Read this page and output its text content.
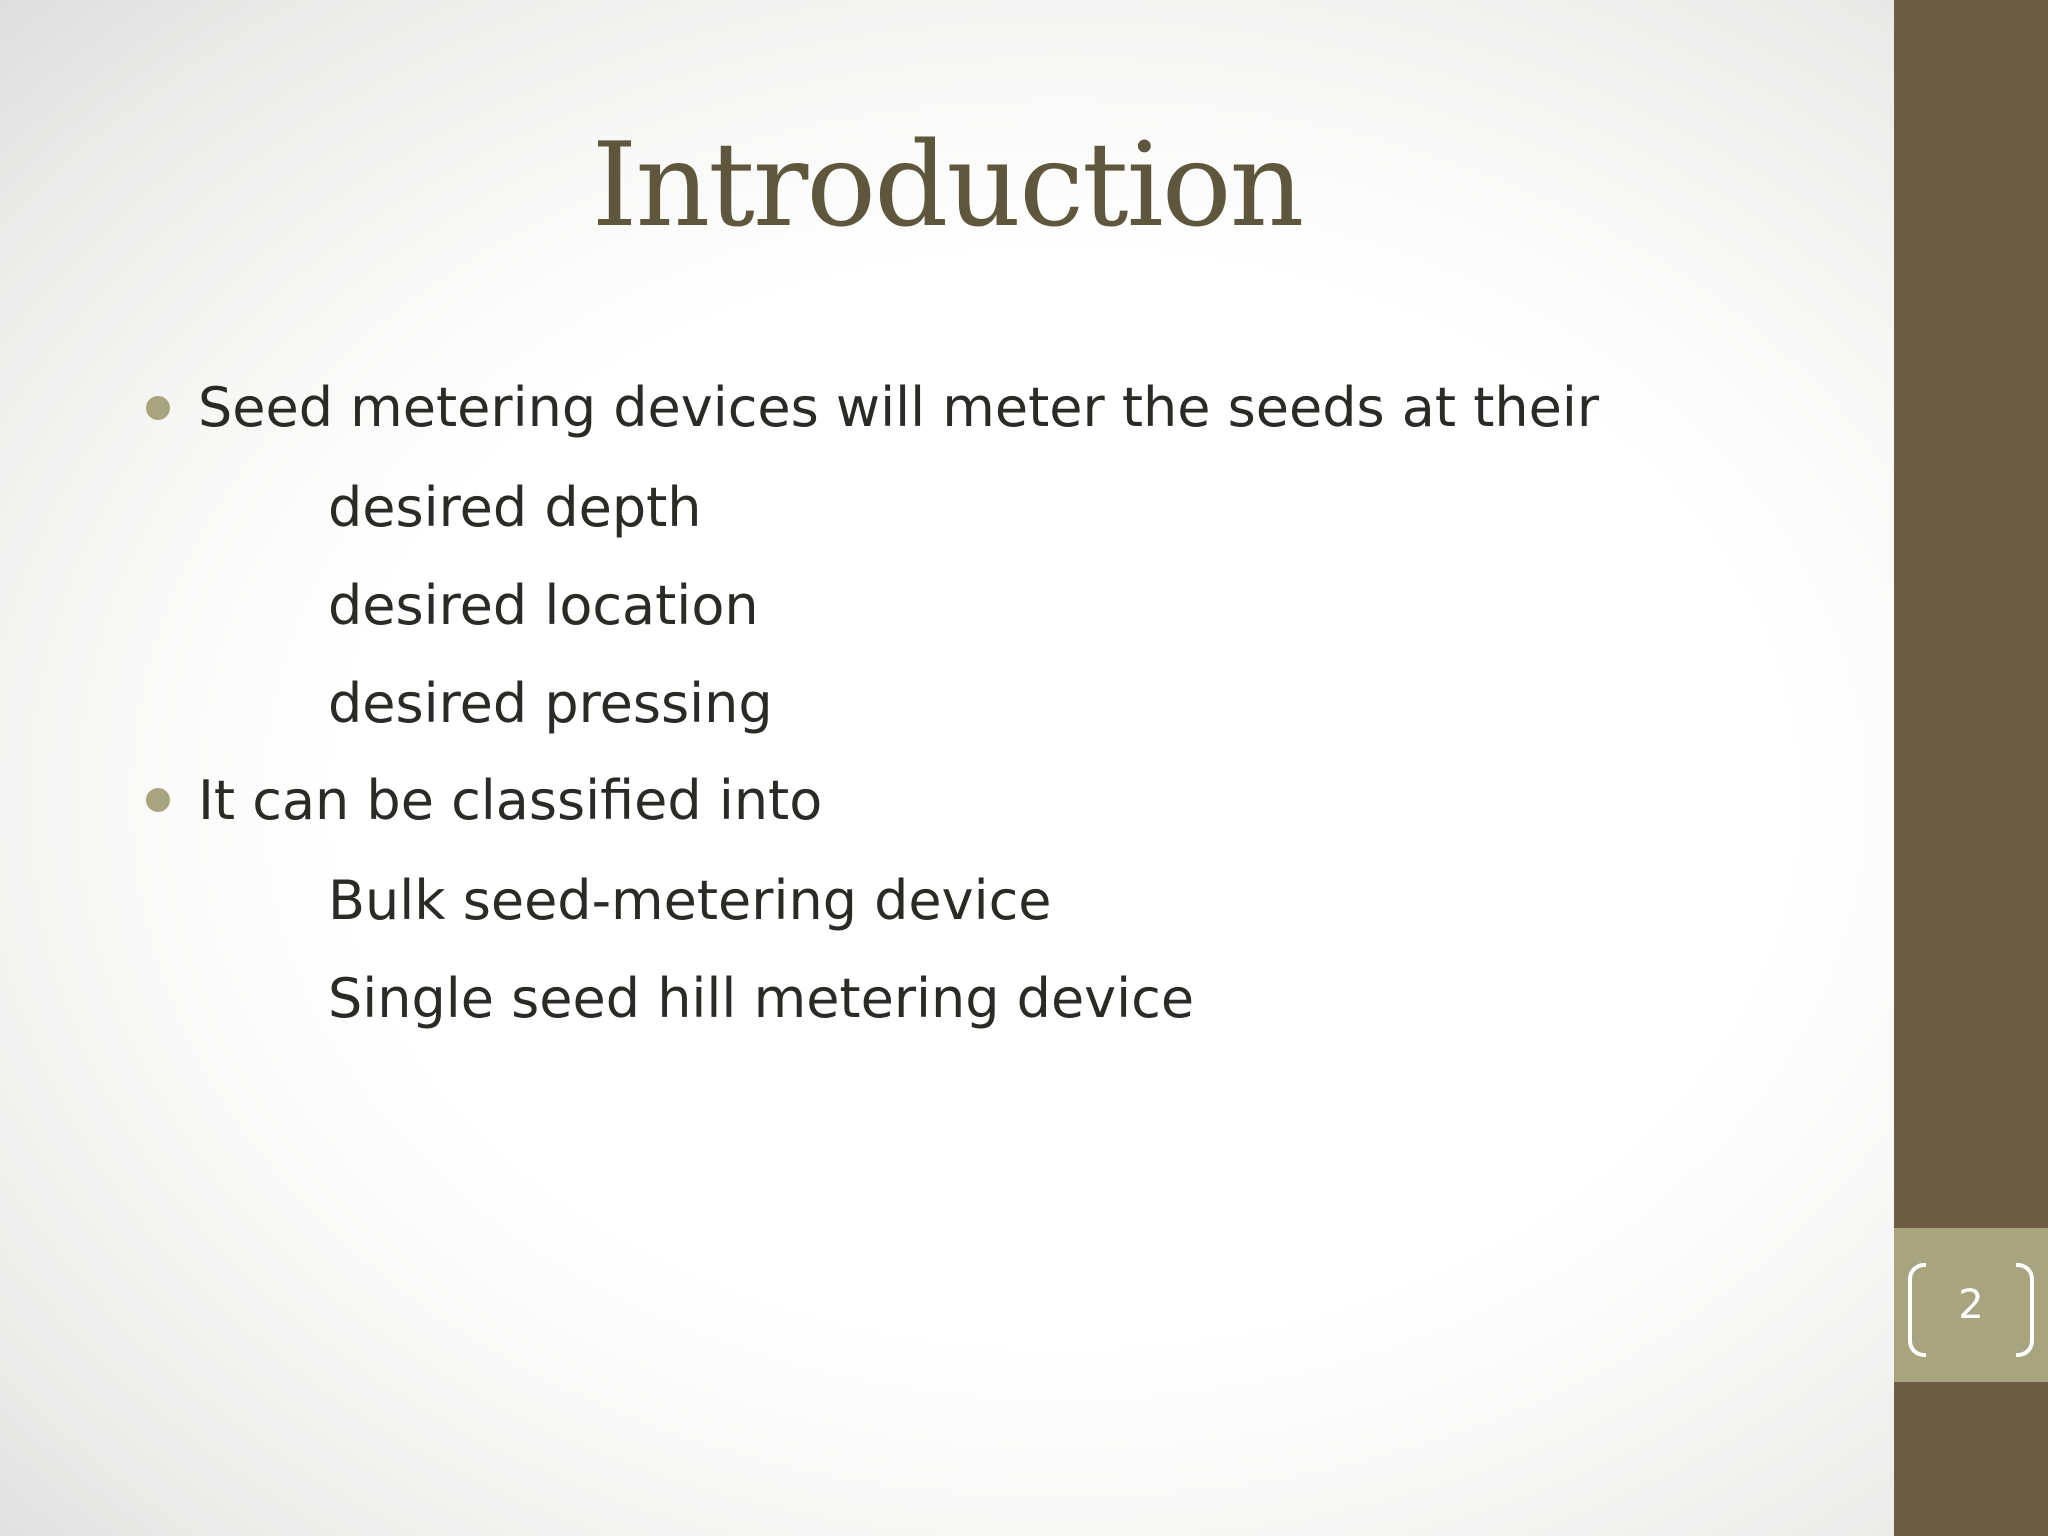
Introduction
Seed metering devices will meter the seeds at their
desired depth
desired location
desired pressing
It can be classified into
Bulk seed-metering device
Single seed hill metering device
2
